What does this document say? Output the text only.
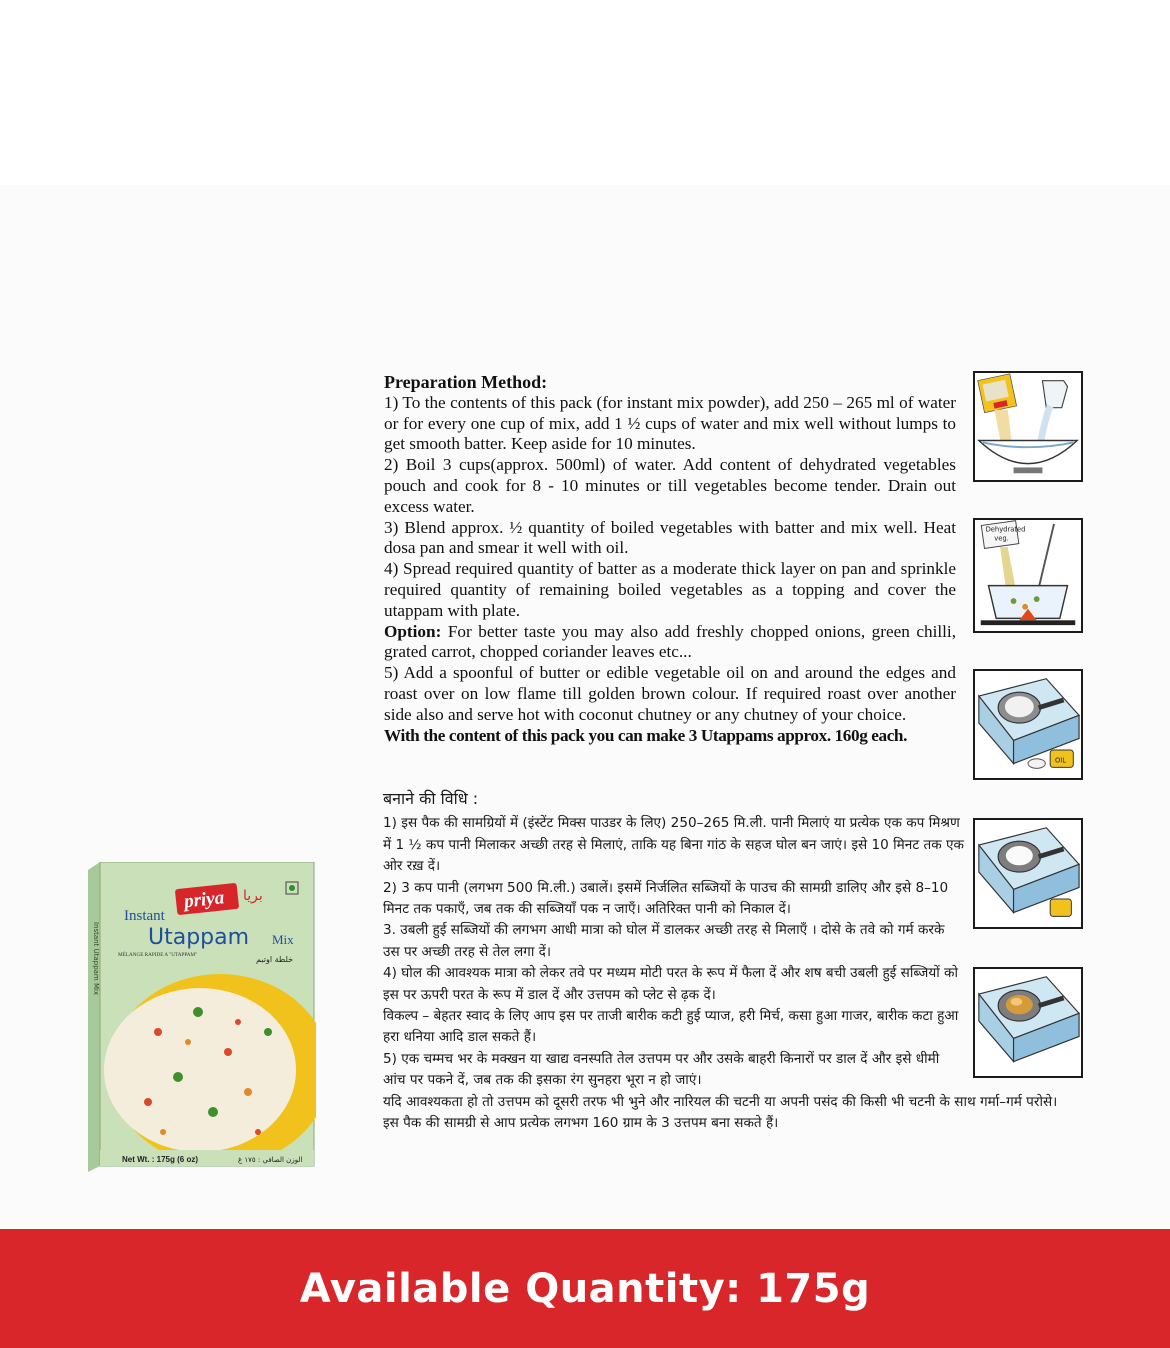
Preparation Method:

1) To the contents of this pack (for instant mix powder), add 250 – 265 ml of water or for every one cup of mix, add 1 ½ cups of water and mix well without lumps to get smooth batter. Keep aside for 10 minutes.

2) Boil 3 cups(approx. 500ml) of water. Add content of dehydrated vegetables pouch and cook for 8 - 10 minutes or till vegetables become tender. Drain out excess water.

3) Blend approx. ½ quantity of boiled vegetables with batter and mix well. Heat dosa pan and smear it well with oil.

4) Spread required quantity of batter as a moderate thick layer on pan and sprinkle required quantity of remaining boiled vegetables as a topping and cover the utappam with plate.

Option: For better taste you may also add freshly chopped onions, green chilli, grated carrot, chopped coriander leaves etc...

5) Add a spoonful of butter or edible vegetable oil on and around the edges and roast over on low flame till golden brown colour. If required roast over another side also and serve hot with coconut chutney or any chutney of your choice.

With the content of this pack you can make 3 Utappams approx. 160g each.

बनाने की विधि :

1) इस पैक की सामग्रियों में (इंस्टेंट मिक्स पाउडर के लिए) 250–265 मि.ली. पानी मिलाएं या प्रत्येक एक कप मिश्रण में 1 ½ कप पानी मिलाकर अच्छी तरह से मिलाएं, ताकि यह बिना गांठ के सहज घोल बन जाएं। इसे 10 मिनट तक एक ओर रख़ दें।

2) 3 कप पानी (लगभग 500 मि.ली.) उबालें। इसमें निर्जलित सब्जियों के पाउच की सामग्री डालिए और इसे 8–10 मिनट तक पकाएँ, जब तक की सब्जियाँ पक न जाएँ। अतिरिक्त पानी को निकाल दें।

3. उबली हुई सब्जियों की लगभग आधी मात्रा को घोल में डालकर अच्छी तरह से मिलाएँ । दोसे के तवे को गर्म करके उस पर अच्छी तरह से तेल लगा दें।

4) घोल की आवश्यक मात्रा को लेकर तवे पर मध्यम मोटी परत के रूप में फैला दें और शष बची उबली हुई सब्जियों को इस पर ऊपरी परत के रूप में डाल दें और उत्तपम को प्लेट से ढ़क दें।

विकल्प – बेहतर स्वाद के लिए आप इस पर ताजी बारीक कटी हुई प्याज, हरी मिर्च, कसा हुआ गाजर, बारीक कटा हुआ हरा धनिया आदि डाल सकते हैं।

5) एक चम्मच भर के मक्खन या खाद्य वनस्पति तेल उत्तपम पर और उसके बाहरी किनारों पर डाल दें और इसे धीमी आंच पर पकने दें, जब तक की इसका रंग सुनहरा भूरा न हो जाएं।

यदि आवश्यकता हो तो उत्तपम को दूसरी तरफ भी भुने और नारियल की चटनी या अपनी पसंद की किसी भी चटनी के साथ गर्मा–गर्म परोसे।

इस पैक की सामग्री से आप प्रत्येक लगभग 160 ग्राम के 3 उत्तपम बना सकते हैं।

Dehydrated
veg.
OIL
Instant Utappam Mix
priya بريا
Instant
Utappam Mix
MÉLANGE RAPIDE A "UTAPPAM"	خلطة اوتبم
Net Wt. : 175g (6 oz)	الوزن الصافي : ١٧٥ غ
Available Quantity: 175g
